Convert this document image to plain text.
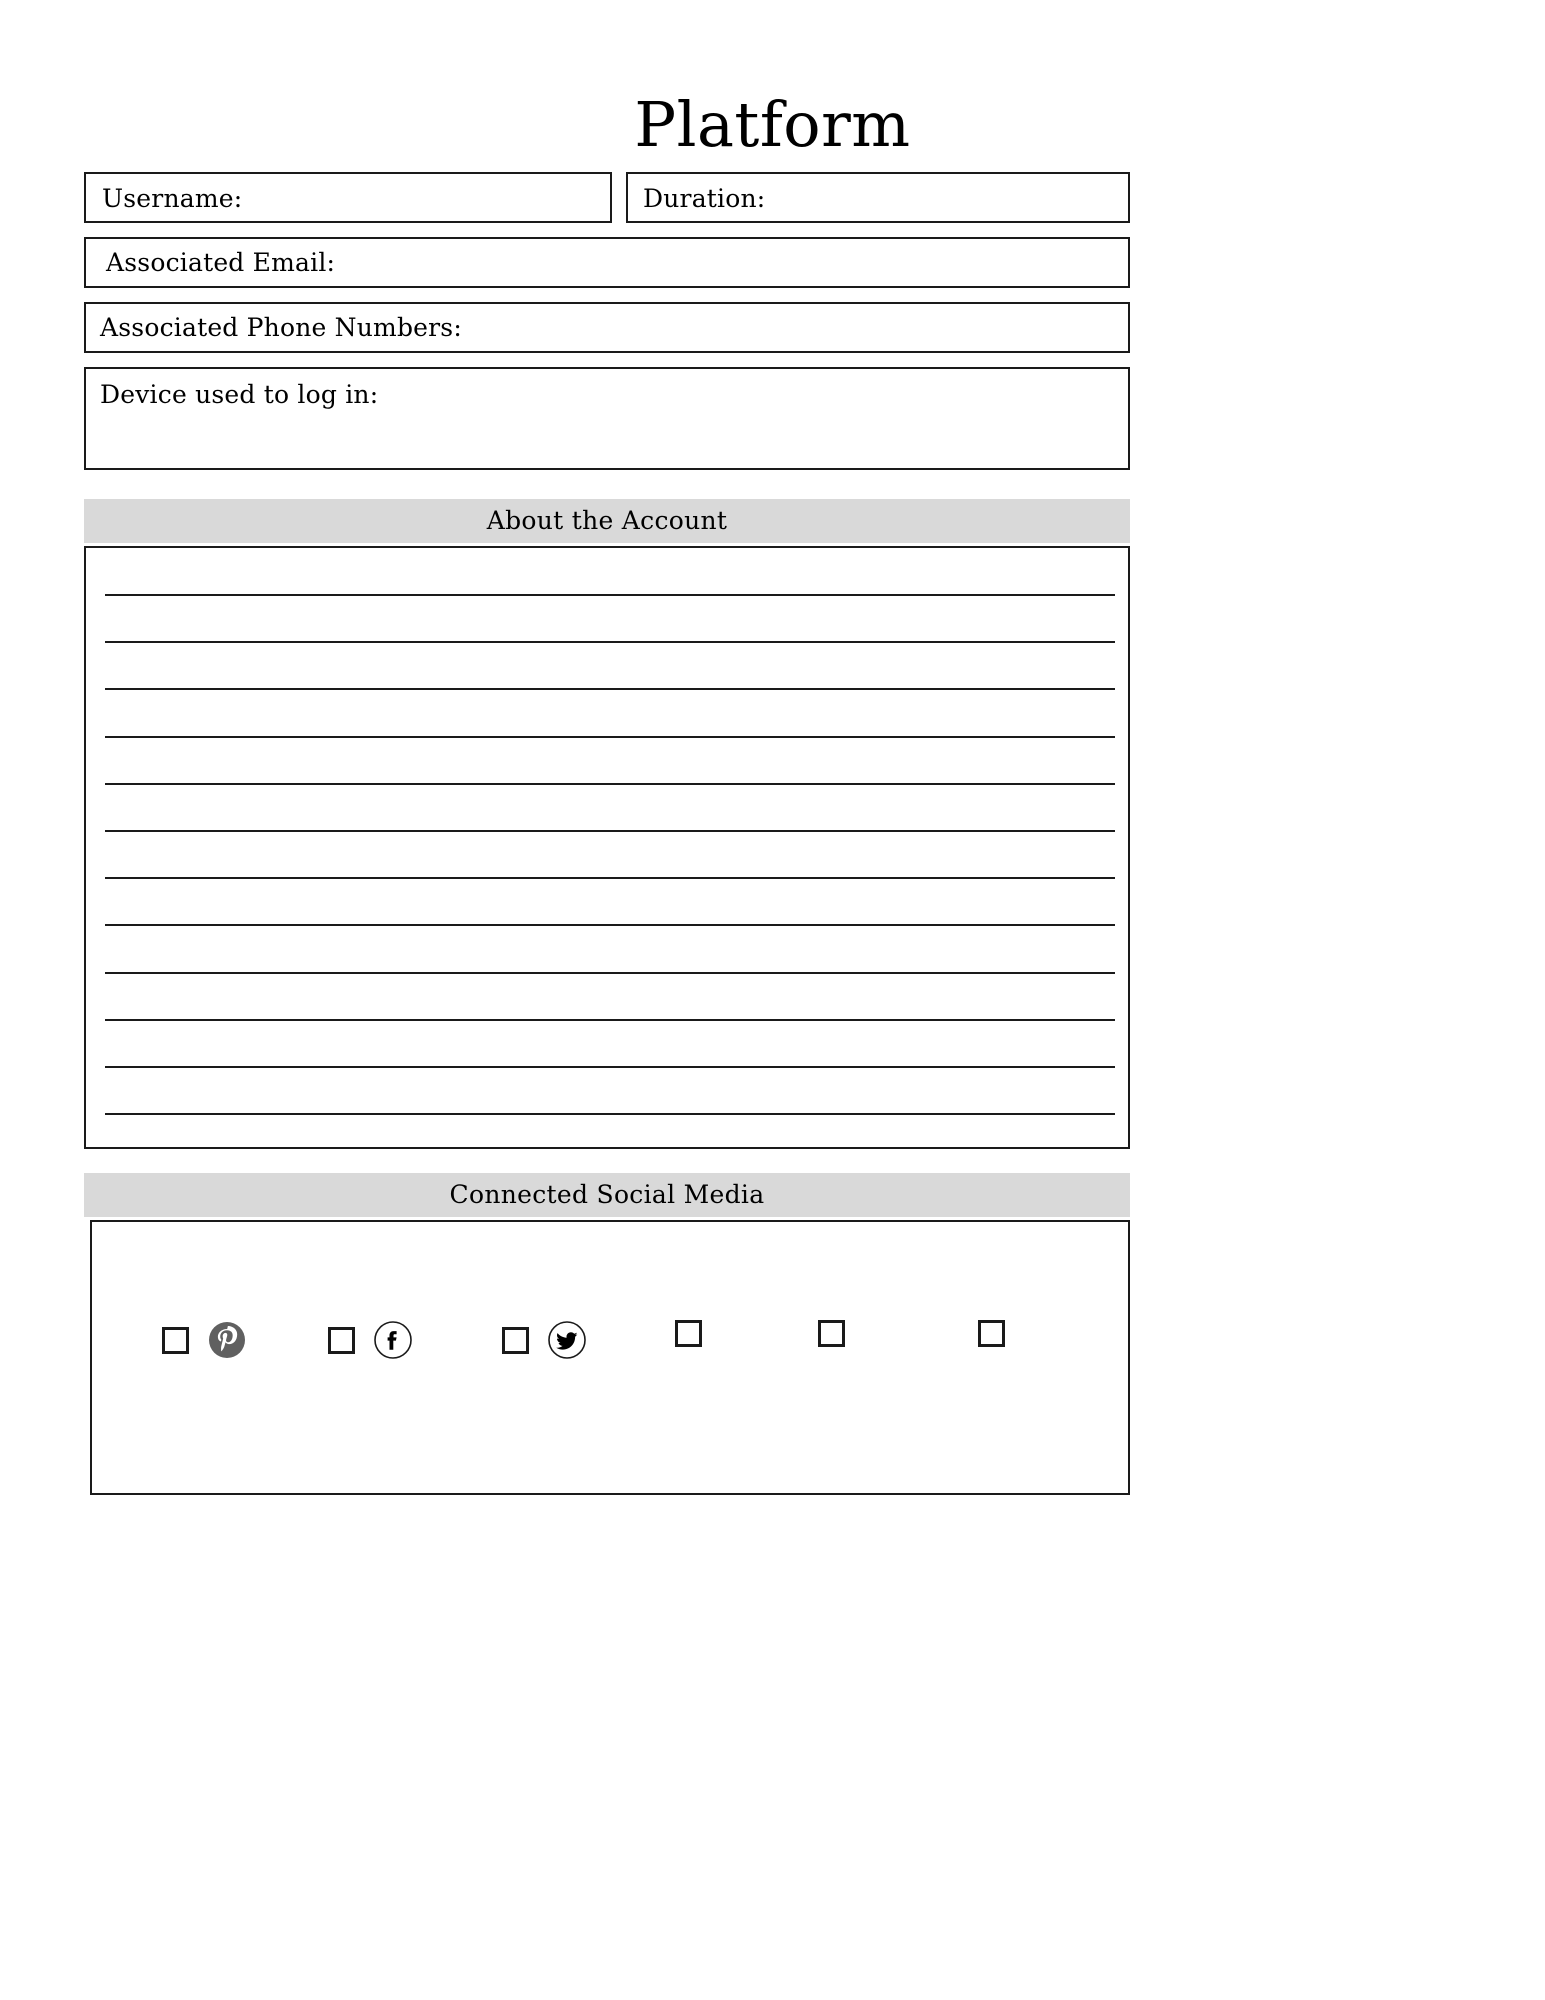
Platform
Username:	Duration:
Associated Email:
Associated Phone Numbers:
Device used to log in:
About the Account
Connected Social Media
